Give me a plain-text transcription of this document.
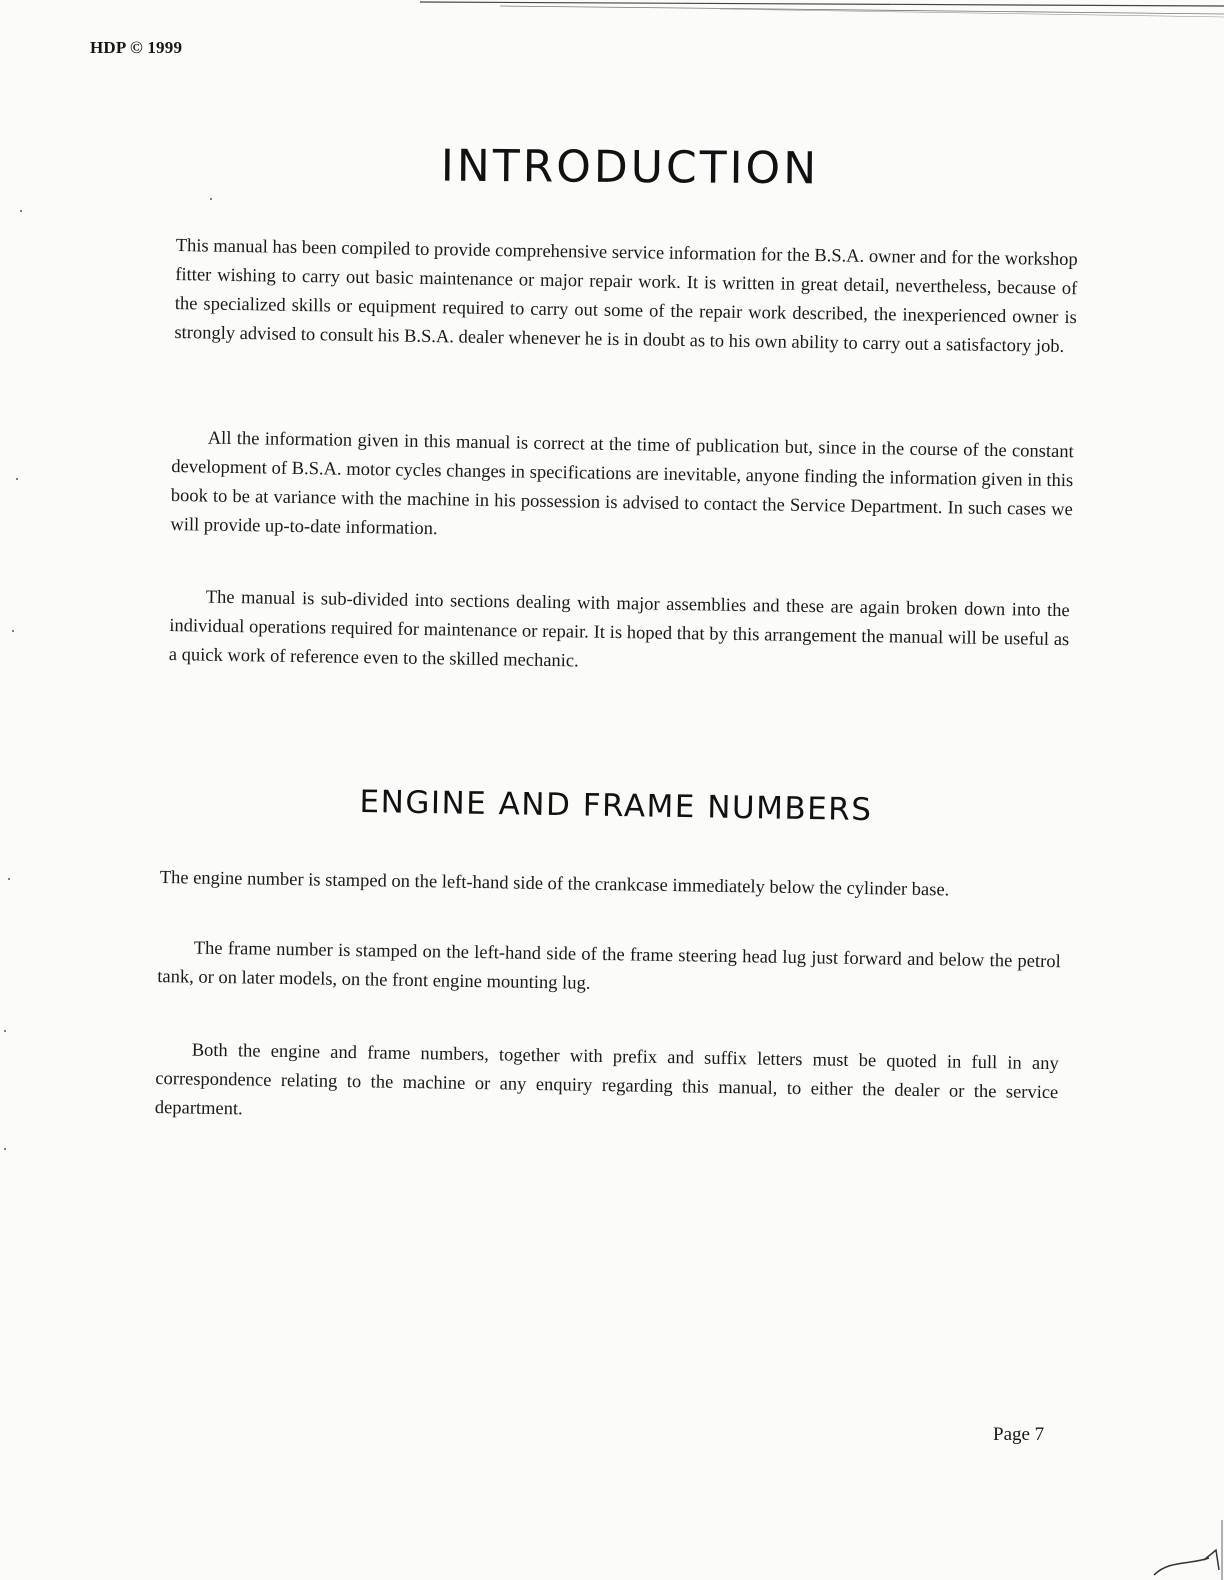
HDP © 1999
INTRODUCTION

This manual has been compiled to provide comprehensive service information for the B.S.A. owner and for the workshop fitter wishing to carry out basic maintenance or major repair work. It is written in great detail, nevertheless, because of the specialized skills or equipment required to carry out some of the repair work described, the inexperienced owner is strongly advised to consult his B.S.A. dealer whenever he is in doubt as to his own ability to carry out a satisfactory job.

All the information given in this manual is correct at the time of publication but, since in the course of the constant development of B.S.A. motor cycles changes in specifications are inevitable, anyone finding the information given in this book to be at variance with the machine in his possession is advised to contact the Service Department. In such cases we will provide up-to-date information.

The manual is sub-divided into sections dealing with major assemblies and these are again broken down into the individual operations required for maintenance or repair. It is hoped that by this arrangement the manual will be useful as a quick work of reference even to the skilled mechanic.

ENGINE AND FRAME NUMBERS

The engine number is stamped on the left-hand side of the crankcase immediately below the cylinder base.

The frame number is stamped on the left-hand side of the frame steering head lug just forward and below the petrol tank, or on later models, on the front engine mounting lug.

Both the engine and frame numbers, together with prefix and suffix letters must be quoted in full in any correspondence relating to the machine or any enquiry regarding this manual, to either the dealer or the service department.

Page 7
